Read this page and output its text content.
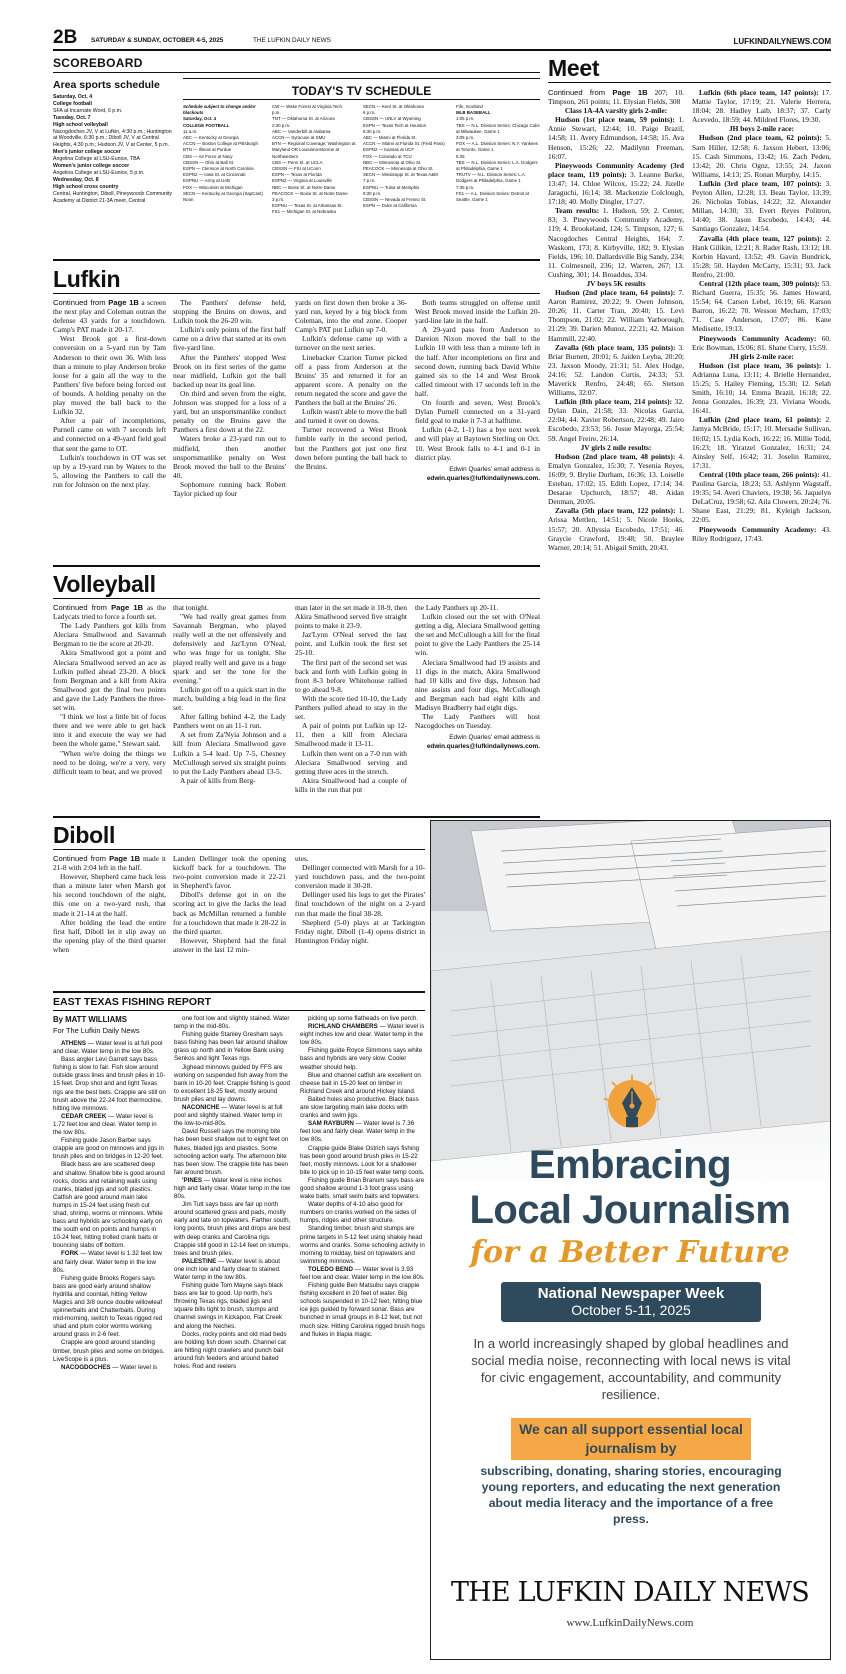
2B SATURDAY & SUNDAY, OCTOBER 4-5, 2025	THE LUFKIN DAILY NEWS	LUFKINDAILYNEWS.COM
SCOREBOARD
Area sports schedule
Saturday, Oct. 4
College football
SFA at Incarnate Word, 6 p.m.
Tuesday, Oct. 7
High school volleyball
Nacogdoches JV, V at Lufkin, 4:30 p.m.; Huntington at Woodville, 6:30 p.m.; Diboll JV, V at Central Heights, 4:30 p.m.; Hudson JV, V at Center, 5 p.m.
Men's junior college soccer
Angelina College at LSU-Eunice, TBA
Women's junior college soccer
Angelina College at LSU-Eunice, 5 p.m.
Wednesday, Oct. 8
High school cross country
Central, Huntington, Diboll, Pineywoods Community Academy at District 21-3A meet, Central
TODAY'S TV SCHEDULE
Schedule subject to change and/or blackouts
Saturday, Oct. 4
COLLEGE FOOTBALL
11 a.m.
ABC — Kentucky at Georgia
ACCN — Boston College at Pittsburgh
BTN — Illinois at Purdue
CBS — Air Force at Navy
CBSSN — Ohio at Ball St.
ESPN — Clemson at North Carolina
ESPN2 — Iowa St. at Cincinnati
ESPNU — Army at UAB
FOX — Wisconsin at Michigan
SECN — Kentucky at Georgia (SapCast)
Noon
CW — Wake Forest at Virginia Tech
p.m.
TNT — Oklahoma St. at Arizona
2:30 p.m.
ABC — Vanderbilt at Alabama
ACCN — Syracuse at SMU
BTN — Regional Coverage: Washington at Maryland OR Louisiana-Monroe at Northwestern
CBS — Penn St. at UCLA
CBSSN — FIU at UConn
ESPN — Texas at Florida
ESPN2 — Virginia at Louisville
NBC — Boise St. at Notre Dame
PEACOCK — Boise St. at Notre Dame
3 p.m.
ESPNU — Texas St. at Arkansas St.
FS1 — Michigan St. at Nebraska
SECN — Kent St. at Oklahoma
6 p.m.
CBSSN — UNLV at Wyoming
ESPN — Texas Tech at Houston
6:30 p.m.
ABC — Miami at Florida St.
ACCN — Miami at Florida St. (Field Pass)
ESPN2 — Kansas at UCF
FOX — Colorado at TCU
NBC — Minnesota at Ohio St.
PEACOCK — Minnesota at Ohio St.
SECN — Mississippi St. at Texas A&M
7 p.m.
ESPNU — Tulsa at Memphis
9:30 p.m.
CBSSN — Nevada at Fresno St.
ESPN — Duke at California
Fife, Scotland
MLB BASEBALL
1:05 p.m.
TBS — N.L. Division Series: Chicago Cubs at Milwaukee, Game 1
3:05 p.m.
FOX — A.L. Division Series: N.Y. Yankees at Toronto, Game 1
5:35
TBS — N.L. Division Series: L.A. Dodgers at Philadelphia, Game 1
TRUTV — N.L. Division Series: L.A. Dodgers at Philadelphia, Game 1
7:35 p.m.
FS1 — A.L. Division Series: Detroit at Seattle, Game 1
Meet

Continued from Page 1B 207; 10. Timpson, 261 points; 11. Elysian Fields, 308

Class 1A-4A varsity girls 2-mile:

Hudson (1st place team, 59 points): 1. Annie Stewart, 12:44; 10. Paige Brazil, 14:58; 11. Avery Edmundson, 14:58; 15. Ava Henson, 15:26; 22. Madilynn Freeman, 16:07.

Pineywoods Community Academy (3rd place team, 119 points): 3. Leanne Burke, 13:47; 14. Chloe Wilcox, 15:22; 24. Jizelle Jaraguchi, 16:14; 38. Mackenzie Colclough, 17:18; 40. Molly Dingler, 17:27.

Team results: 1. Hudson, 59; 2. Center, 83; 3. Pineywoods Community Academy, 119; 4. Brookeland, 124; 5. Timpson, 127; 6. Nacogdoches Central Heights, 164; 7. Waskom, 173; 8. Kirbyville, 182; 9. Elysian Fields, 196; 10. Dallardsville Big Sandy, 234; 11. Colmesneil, 236; 12. Warren, 267; 13. Cushing, 301; 14. Broaddus, 334.

JV boys 5K results

Hudson (2nd place team, 64 points): 7. Aaron Ramirez, 20:22; 9. Owen Johnson, 20:26; 11. Carter Tran, 20:40; 15. Levi Thompson, 21:02; 22. William Yarborough, 21:29; 39. Darien Munoz, 22:21; 42. Maison Hammill, 22:40.

Zavalla (6th place team, 135 points): 3. Briar Burnett, 20:01; 6. Jaiden Leyba, 20:20; 23. Jaxson Moody, 21:31; 51. Alex Hodge, 24:16; 52. Landon Curtis, 24:33; 53. Maverick Renfro, 24:48; 65. Stetson Williams, 32:07.

Lufkin (8th place team, 214 points): 32. Dylan Dain, 21:58; 33. Nicolas Garcia, 22:04; 44. Xavier Robertson, 22:48; 49. Jairo Escobedo, 23:53; 56. Josue Mayorga, 25:54; 59. Angel Freire, 26:14.

JV girls 2 mile results:

Hudson (2nd place team, 48 points): 4. Emalyn Gonzalez, 15:30; 7. Yesenia Reyes, 16:09; 9. Brylie Durham, 16:36; 13. Loiselle Esteban, 17:02; 15. Edith Lopez, 17:14; 34. Desarae Upchurch, 18:57; 48. Aidan Denman, 20:05.

Zavalla (5th place team, 122 points): 1. Arissa Mettlen, 14:51; 5. Nicole Hooks, 15:57; 20. Allyssia Escobedo, 17:51; 46. Graycie Crawford, 19:48; 50. Braylee Warner, 20:14; 51. Abigail Smith, 20:43.

Lufkin (6th place team, 147 points): 17. Mattie Taylor, 17:19; 21. Valerie Herrera, 18:04; 28. Hadley Laib, 18:37; 37. Carly Acevedo, 18:59; 44. Mildred Flores, 19:30.

JH boys 2-mile race:

Hudson (2nd place team, 62 points): 5. Sam Hiller, 12:58; 6. Jaxson Hebert, 13:06; 15. Cash Simmons, 13:42; 16. Zach Peden, 13:42; 20. Chris Ognz, 13:55; 24. Jaxon Williams, 14:13; 25. Ronan Murphy, 14:15.

Lufkin (3rd place team, 107 points): 3. Peyton Allen, 12:28; 13. Beau Taylor, 13:39; 26. Nicholas Tobias, 14:22; 32. Alexander Millan, 14:30; 33. Evert Reyes Politron, 14:40; 38. Jason Escobedo, 14:43; 44. Santiago Gonzalez, 14:54.

Zavalla (4th place team, 127 points): 2. Hank Gilikin, 12:21; 8. Rader Rash, 13:12; 18. Korbin Havard, 13:52; 49. Gavin Bundrick, 15:28; 50. Hayden McCarty, 15:31; 93. Jack Renfro, 21:00.

Central (12th place team, 309 points): 53. Richard Guerra, 15:35; 56. James Howard, 15:54; 64. Carson Lebel, 16:19; 66. Karson Barron, 16:22; 70. Wesson Mecham, 17:03; 71. Case Anderson, 17:07; 86. Kane Medisette, 19:13.

Pineywoods Community Academy: 60. Eric Bowman, 15:06; 81. Shane Curry, 15:59.

JH girls 2-mile race:

Hudson (1st place team, 36 points): 1. Adrianna Luna, 13:11; 4. Brielle Hernandez, 15:25; 5. Hailey Fleming, 15:30; 12. Selah Smith, 16:10; 14. Emma Brazil, 16:18; 22. Jenna Gonzales, 16:39; 23. Viviana Woods, 16:41.

Lufkin (2nd place team, 61 points): 2. Jamya McBride, 15:17; 10. Mersadie Sullivan, 16:02; 15. Lydia Koch, 16:22; 16. Millie Todd, 16:23; 18. Yiratzel Gonzalez, 16:31; 24. Ainsley Self, 16:42; 31. Joselin Ramirez, 17:31.

Central (10th place team, 266 points): 41. Paulina Garcia, 18:23; 53. Ashlynn Wagstaff, 19:35; 54. Averi Chaviers, 19:38; 56. Jaquelyn DeLaCruz, 19:58; 62. Aila Clowers, 20:24; 76. Shane East, 21:29; 81. Kyleigh Jackson, 22:05.

Pineywoods Community Academy: 43. Riley Rodriguez, 17:43.

Lufkin

Continued from Page 1B a screen the next play and Coleman outran the defense 43 yards for a touchdown. Camp's PAT made it 20-17.

West Brook got a first-down conversion on a 5-yard run by Tam Anderson to their own 36. With less than a minute to play Anderson broke loose for a gain all the way to the Panthers' five before being forced out of bounds. A holding penalty on the play moved the ball back to the Lufkin 32.

After a pair of incompletions, Purnell came on with 7 seconds left and connected on a 49-yard field goal that sent the game to OT.

Lufkin's touchdown in OT was set up by a 19-yard run by Waters to the 5, allowing the Panthers to call the run for Johnson on the next play.

The Panthers' defense held, stopping the Bruins on downs, and Lufkin took the 26-20 win.

Lufkin's only points of the first half came on a drive that started at its own five-yard line.

After the Panthers' stopped West Brook on its first series of the game near midfield, Lufkin got the ball backed up near its goal line.

On third and seven from the eight, Johnson was stopped for a loss of a yard, but an unsportsmanlike conduct penalty on the Bruins gave the Panthers a first down at the 22.

Waters broke a 23-yard run out to midfield, then another unsportsmanlike penalty on West Brook moved the ball to the Bruins' 40.

Sophomore running back Robert Taylor picked up four

yards on first down then broke a 36-yard run, keyed by a big block from Coleman, into the end zone. Cooper Camp's PAT put Lufkin up 7-0.

Lufkin's defense came up with a turnover on the next series.

Linebacker Czarion Turner picked off a pass from Anderson at the Bruins' 35 and returned it for an apparent score. A penalty on the return negated the score and gave the Panthers the ball at the Bruins' 26.

Lufkin wasn't able to move the ball and turned it over on downs.

Turner recovered a West Brook fumble early in the second period, but the Panthers got just one first down before punting the ball back to the Bruins.

Both teams struggled on offense until West Brook moved inside the Lufkin 20-yard-line late in the half.

A 29-yard pass from Anderson to Dareion Nixon moved the ball to the Lufkin 10 with less than a minute left in the half. After incompletions on first and second down, running back David White gained six to the 14 and West Brook called timeout with 17 seconds left in the half.

On fourth and seven, West Brook's Dylan Purnell connected on a 31-yard field goal to make it 7-3 at halftime.

Lufkin (4-2, 1-1) has a bye next week and will play at Baytown Sterling on Oct. 10. West Brook falls to 4-1 and 0-1 in district play.

Edwin Quarles' email address is
edwin.quarles@lufkindailynews.com.
Volleyball

Continued from Page 1B as the Ladycats tried to force a fourth set.

The Lady Panthers got kills from Aleciara Smallwood and Savannah Bergman to tie the score at 20-20.

Akira Smallwood got a point and Aleciara Smallwood served an ace as Lufkin pulled ahead 23-20. A block from Bergman and a kill from Akira Smallwood got the final two points and gave the Lady Panthers the three-set win.

"I think we lost a little bit of focus there and we were able to get back into it and execute the way we had been the whole game," Stewart said.

"When we're doing the things we need to be doing, we're a very, very difficult team to beat, and we proved

that tonight.

"We had really great games from Savannah Bergman, who played really well at the net offensively and defensively and Jaz'Lynn O'Neal, who was huge for us tonight. She played really well and gave us a huge spark and set the tone for the evening."

Lufkin got off to a quick start in the match, building a big lead in the first set.

After falling behind 4-2, the Lady Panthers went on an 11-1 run.

A set from Za'Nyia Johnson and a kill from Aleciara Smallwood gave Lufkin a 5-4 lead. Up 7-5, Chesney McCullough served six straight points to put the Lady Panthers ahead 13-5.

A pair of kills from Berg-

man later in the set made it 18-9, then Akira Smallwood served five straight points to make it 23-9.

Jaz'Lynn O'Neal served the last point, and Lufkin took the first set 25-10.

The first part of the second set was back and forth with Lufkin going in front 8-3 before Whitehouse rallied to go ahead 9-8.

With the score tied 10-10, the Lady Panthers pulled ahead to stay in the set.

A pair of points put Lufkin up 12-11, then a kill from Aleciara Smallwood made it 13-11.

Lufkin then went on a 7-0 run with Aleciara Smallwood serving and getting three aces in the stretch.

Akira Smallwood had a couple of kills in the run that put

the Lady Panthers up 20-11.

Lufkin closed out the set with O'Neal getting a dig, Aleciara Smallwood getting the set and McCullough a kill for the final point to give the Lady Panthers the 25-14 win.

Aleciara Smallwood had 19 assists and 11 digs in the match, Akira Smallwood had 10 kills and five digs, Johnson had nine assists and four digs, McCullough and Bergman each had eight kills and Madisyn Bradberry had eight digs.

The Lady Panthers will host Nacogdoches on Tuesday.

Edwin Quarles' email address is
edwin.quarles@lufkindailynews.com.
Diboll

Continued from Page 1B made it 21-8 with 2:04 left in the half.

However, Shepherd came back less than a minute later when Marsh got his second touchdown of the night, this one on a two-yard rush, that made it 21-14 at the half.

After holding the lead the entire first half, Diboll let it slip away on the opening play of the third quarter when

Landen Dellinger took the opening kickoff back for a touchdown. The two-point conversion made it 22-21 in Shepherd's favor.

Diboll's defense got in on the scoring act to give the Jacks the lead back as McMillan returned a fumble for a touchdown that made it 28-22 in the third quarter.

However, Shepherd had the final answer in the last 12 min-

utes.

Dellinger connected with Marsh for a 10-yard touchdown pass, and the two-point conversion made it 30-28.

Dellinger used his legs to get the Pirates' final touchdown of the night on a 2-yard run that made the final 38-28.

Shepherd (5-0) plays at at Tarkington Friday night. Diboll (1-4) opens district in Huntington Friday night.

EAST TEXAS FISHING REPORT
By MATT WILLIAMS
For The Lufkin Daily News

ATHENS — Water level is at full pool and clear. Water temp in the low 80s.

Bass angler Levi Garrett says bass fishing is slow to fair. Fish slow around outside grass lines and brush piles in 10-15 feet. Drop shot and and light Texas rigs are the best bets. Crappie are still on brush above the 22-24 foot thermocline, hitting live minnows.

CEDAR CREEK — Water level is 1.72 feet low and clear. Water temp in the low 80s.

Fishing guide Jason Barber says crappie are good on minnows and jigs in brush piles and on bridges in 12-20 feet.

Black bass are are scattered deep and shallow. Shallow bite is good around rocks, docks and retaining walls using cranks, bladed jigs and soft plastics. Catfish are good around main lake humps in 15-24 feet using fresh cut shad, shrimp, worms or minnows. White bass and hybrids are schooling early on the south end on points and humps in 10-24 feet, hitting trolled crank baits or bouncing slabs off bottom.

FORK — Water level is 1.32 feet low and fairly clear. Water temp in the low 80s.

Fishing guide Brooks Rogers says bass are good early around shallow hydrilla and coontail, hitting Yellow Magics and 3/8 ounce double willowleaf spinnerbaits and Chatterbaits. During mid-morning, switch to Texas rigged red shad and plum color worms working around grass in 2-6 feet.

Crappie are good around standing timber, brush piles and some on bridges. LiveScope is a plus.

NACOGDOCHES — Water level is

one foot low and slightly stained. Water temp in the mid-80s.

Fishing guide Stanley Gresham says bass fishing has been fair around shallow grass up north and in Yellow Bank using Senkos and light Texas rigs.

Jighead minnows guided by FFS are working on suspended fish away from the bank in 10-20 feet. Crappie fishing is good to excellent 18-25 feet, mostly around brush piles and lay downs.

NACONICHE — Water level is at full pool and slightly stained. Water temp in the low-to-mid-80s.

David Russell says the morning bite has been best shallow out to eight feet on flukes, bladed jigs and plastics. Some schooling action early. The afternoon bite has been slow. The crappie bite has been fair around brush.

'PINES — Water level is nine inches high and fairly clear. Water temp in the low 80s.

Jim Tutt says bass are fair up north around scattered grass and pads, mostly early and late on topwaters. Farther south, long points, brush piles and drops are best with deep cranks and Carolina rigs. Crappie still good in 12-14 feet on stumps, trees and brush piles.

PALESTINE — Water level is about one inch low and fairly clear to stained. Water temp in the low 80s.

Fishing guide Tom Mayne says black bass are fair to good. Up north, he's throwing Texas rigs, bladed jigs and square bills tight to brush, stumps and channel swings in Kickapoo, Flat Creek and along the Neches.

Docks, rocky points and old mad beds are holding fish down south. Channel cat are hitting night crawlers and punch bait around fish feeders and around baited holes. Rod and reelers

picking up some flatheads on live perch.

RICHLAND CHAMBERS — Water level is eight inches low and clear. Water temp in the low 80s.

Fishing guide Royce Simmons says white bass and hybrids are very slow. Cooler weather should help.

Blue and channel catfish are excellent on cheese bait in 15-20 feet on timber in Richland Creek and around Hickey Island.

Baited holes also productive. Black bass are slow targeting main lake docks with cranks and swim jigs.

SAM RAYBURN — Water level is 7.36 feet low and fairly clear. Water temp in the low 80s.

Crappie guide Blake Ostrich says fishing has been good around brush piles in 15-22 feet, mostly minnows. Look for a shallower bite to pick up in 10-15 feet water temp cools.

Fishing guide Brian Branum says bass are good shallow around 1-3 foot grass using wake baits, small swim baits and topwaters.

Water depths of 4-10 also good for numbers on cranks worked on the sides of humps, ridges and other structure.

Standing timber, brush and stumps are prime targets in 5-12 feet using shakey head worms and cranks. Some schooling activity in morning to midday, best on topwaters and swimming minnows.

TOLEDO BEND — Water level is 3.93 feet low and clear. Water temp in the low 80s.

Fishing guide Ben Matsubu says crappie fishing excellent in 20 feet of water. Big schools suspended in 10-12 feet, hitting blue ice jigs guided by forward sonar. Bass are bunched in small groups in 8-12 feet, but not much size. Hitting Carolina rigged brush hogs and flukes in tilapia magic.

Embracing
Local Journalism
for a Better Future
National Newspaper Week
October 5-11, 2025
In a world increasingly shaped by global headlines and social media noise, reconnecting with local news is vital for civic engagement, accountability, and community resilience.
We can all support essential local journalism by
subscribing, donating, sharing stories, encouraging young reporters, and educating the next generation about media literacy and the importance of a free press.
THE LUFKIN DAILY NEWS
www.LufkinDailyNews.com
